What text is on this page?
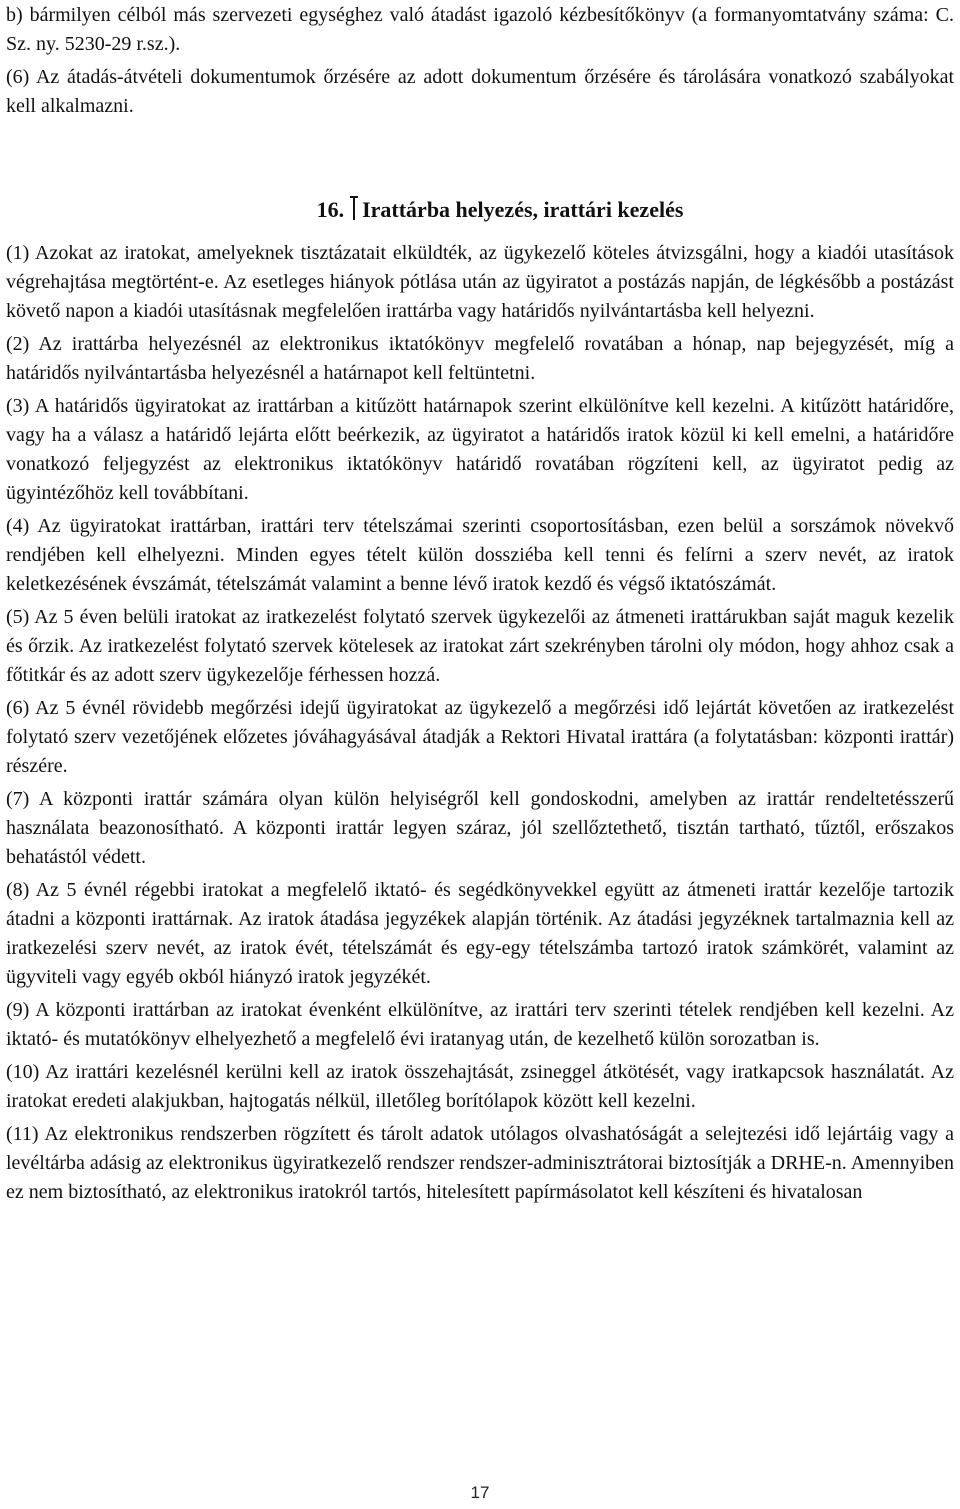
b) bármilyen célból más szervezeti egységhez való átadást igazoló kézbesítőkönyv (a formanyomtatvány száma: C. Sz. ny. 5230-29 r.sz.).

(6) Az átadás-átvételi dokumentumok őrzésére az adott dokumentum őrzésére és tárolására vonatkozó szabályokat kell alkalmazni.

16. Irattárba helyezés, irattári kezelés

(1) Azokat az iratokat, amelyeknek tisztázatait elküldték, az ügykezelő köteles átvizsgálni, hogy a kiadói utasítások végrehajtása megtörtént-e. Az esetleges hiányok pótlása után az ügyiratot a postázás napján, de légkésőbb a postázást követő napon a kiadói utasításnak megfelelően irattárba vagy határidős nyilvántartásba kell helyezni.

(2) Az irattárba helyezésnél az elektronikus iktatókönyv megfelelő rovatában a hónap, nap bejegyzését, míg a határidős nyilvántartásba helyezésnél a határnapot kell feltüntetni.

(3) A határidős ügyiratokat az irattárban a kitűzött határnapok szerint elkülönítve kell kezelni. A kitűzött határidőre, vagy ha a válasz a határidő lejárta előtt beérkezik, az ügyiratot a határidős iratok közül ki kell emelni, a határidőre vonatkozó feljegyzést az elektronikus iktatókönyv határidő rovatában rögzíteni kell, az ügyiratot pedig az ügyintézőhöz kell továbbítani.

(4) Az ügyiratokat irattárban, irattári terv tételszámai szerinti csoportosításban, ezen belül a sorszámok növekvő rendjében kell elhelyezni. Minden egyes tételt külön dossziéba kell tenni és felírni a szerv nevét, az iratok keletkezésének évszámát, tételszámát valamint a benne lévő iratok kezdő és végső iktatószámát.

(5) Az 5 éven belüli iratokat az iratkezelést folytató szervek ügykezelői az átmeneti irattárukban saját maguk kezelik és őrzik. Az iratkezelést folytató szervek kötelesek az iratokat zárt szekrényben tárolni oly módon, hogy ahhoz csak a főtitkár és az adott szerv ügykezelője férhessen hozzá.

(6) Az 5 évnél rövidebb megőrzési idejű ügyiratokat az ügykezelő a megőrzési idő lejártát követően az iratkezelést folytató szerv vezetőjének előzetes jóváhagyásával átadják a Rektori Hivatal irattára (a folytatásban: központi irattár) részére.

(7) A központi irattár számára olyan külön helyiségről kell gondoskodni, amelyben az irattár rendeltetésszerű használata beazonosítható. A központi irattár legyen száraz, jól szellőztethető, tisztán tartható, tűztől, erőszakos behatástól védett.

(8) Az 5 évnél régebbi iratokat a megfelelő iktató- és segédkönyvekkel együtt az átmeneti irattár kezelője tartozik átadni a központi irattárnak. Az iratok átadása jegyzékek alapján történik. Az átadási jegyzéknek tartalmaznia kell az iratkezelési szerv nevét, az iratok évét, tételszámát és egy-egy tételszámba tartozó iratok számkörét, valamint az ügyviteli vagy egyéb okból hiányzó iratok jegyzékét.

(9) A központi irattárban az iratokat évenként elkülönítve, az irattári terv szerinti tételek rendjében kell kezelni. Az iktató- és mutatókönyv elhelyezhető a megfelelő évi iratanyag után, de kezelhető külön sorozatban is.

(10) Az irattári kezelésnél kerülni kell az iratok összehajtását, zsineggel átkötését, vagy iratkapcsok használatát. Az iratokat eredeti alakjukban, hajtogatás nélkül, illetőleg borítólapok között kell kezelni.

(11) Az elektronikus rendszerben rögzített és tárolt adatok utólagos olvashatóságát a selejtezési idő lejártáig vagy a levéltárba adásig az elektronikus ügyiratkezelő rendszer rendszer-adminisztrátorai biztosítják a DRHE-n. Amennyiben ez nem biztosítható, az elektronikus iratokról tartós, hitelesített papírmásolatot kell készíteni és hivatalosan

17
